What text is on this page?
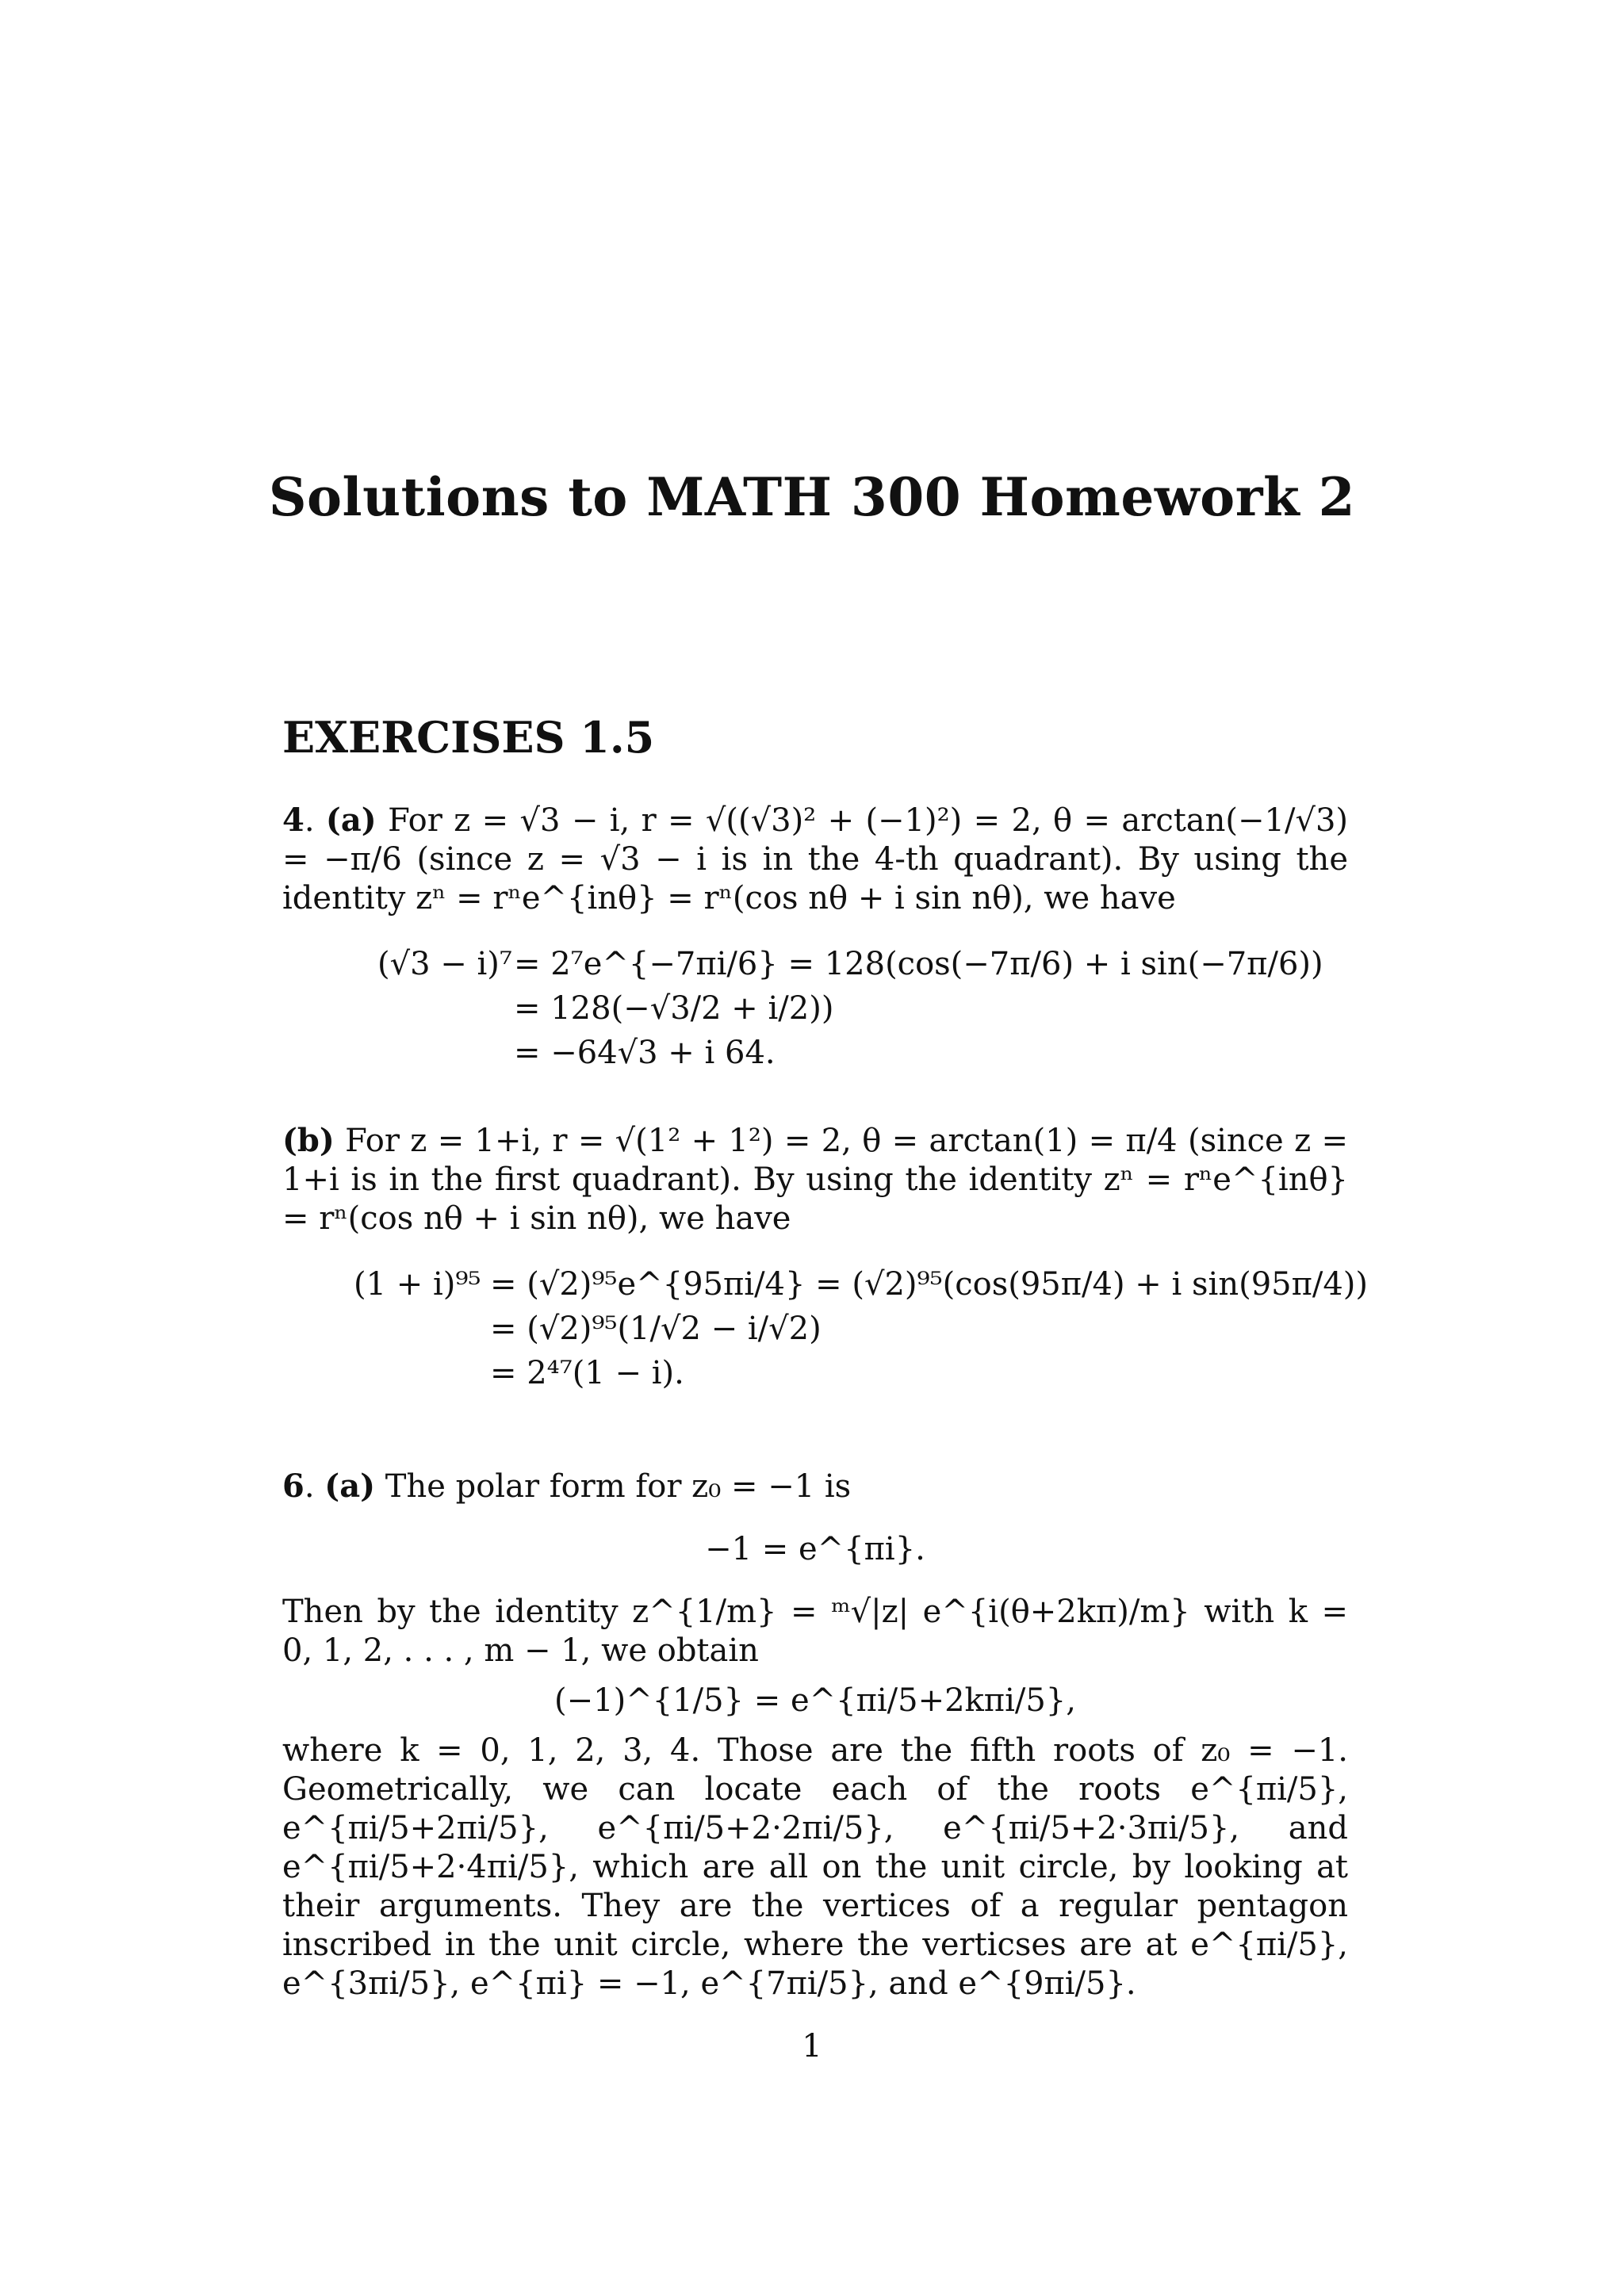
Solutions to MATH 300 Homework 2
EXERCISES 1.5

4. (a) For z = √3 − i, r = √((√3)² + (−1)²) = 2, θ = arctan(−1/√3) = −π/6 (since z = √3 − i is in the 4-th quadrant). By using the identity zⁿ = rⁿe^{inθ} = rⁿ(cos nθ + i sin nθ), we have

(√3 − i)⁷ = 2⁷e^{−7πi/6} = 128(cos(−7π/6) + i sin(−7π/6))
= 128(−√3/2 + i/2))
= −64√3 + i 64.

(b) For z = 1+i, r = √(1² + 1²) = 2, θ = arctan(1) = π/4 (since z = 1+i is in the first quadrant). By using the identity zⁿ = rⁿe^{inθ} = rⁿ(cos nθ + i sin nθ), we have

(1 + i)⁹⁵ = (√2)⁹⁵e^{95πi/4} = (√2)⁹⁵(cos(95π/4) + i sin(95π/4))
= (√2)⁹⁵(1/√2 − i/√2)
= 2⁴⁷(1 − i).

6. (a) The polar form for z₀ = −1 is

−1 = e^{πi}.

Then by the identity z^{1/m} = ᵐ√|z| e^{i(θ+2kπ)/m} with k = 0, 1, 2, . . . , m − 1, we obtain

(−1)^{1/5} = e^{πi/5+2kπi/5},

where k = 0, 1, 2, 3, 4. Those are the fifth roots of z₀ = −1. Geometrically, we can locate each of the roots e^{πi/5}, e^{πi/5+2πi/5}, e^{πi/5+2·2πi/5}, e^{πi/5+2·3πi/5}, and e^{πi/5+2·4πi/5}, which are all on the unit circle, by looking at their arguments. They are the vertices of a regular pentagon inscribed in the unit circle, where the verticses are at e^{πi/5}, e^{3πi/5}, e^{πi} = −1, e^{7πi/5}, and e^{9πi/5}.

1
